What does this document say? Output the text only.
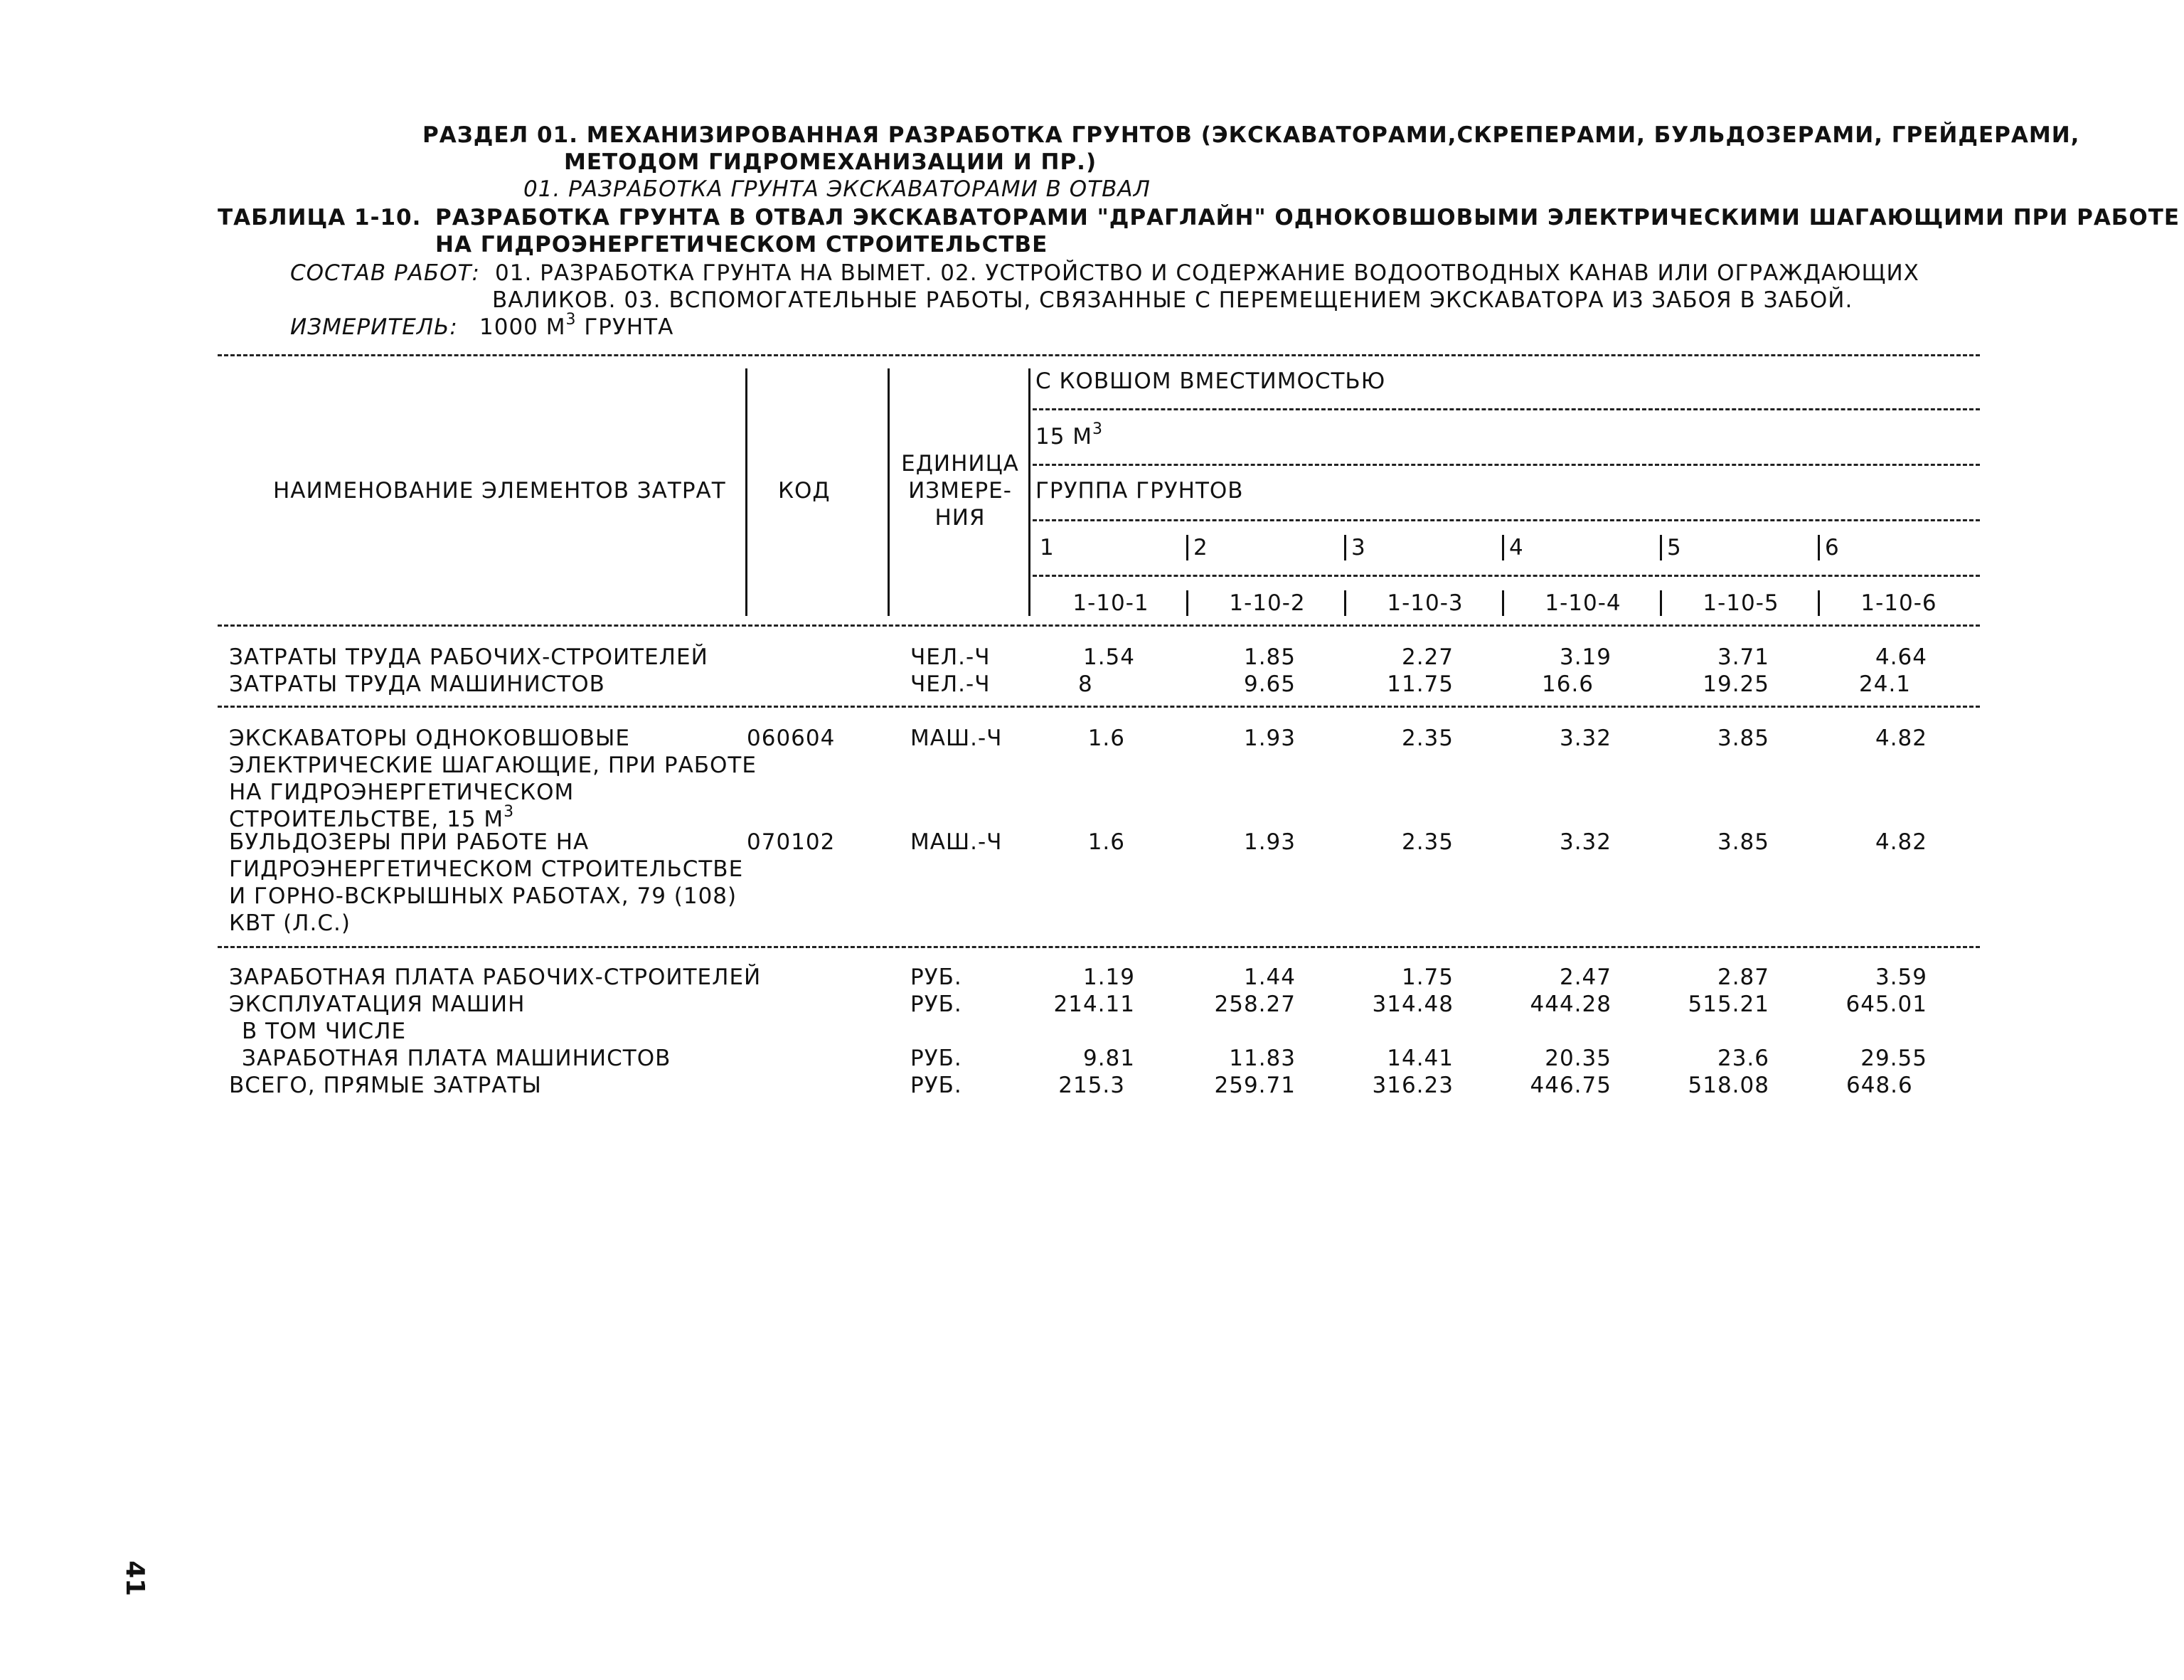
РАЗДЕЛ 01. МЕХАНИЗИРОВАННАЯ РАЗРАБОТКА ГРУНТОВ (ЭКСКАВАТОРАМИ,СКРЕПЕРАМИ, БУЛЬДОЗЕРАМИ, ГРЕЙДЕРАМИ,
МЕТОДОМ ГИДРОМЕХАНИЗАЦИИ И ПР.)
01. РАЗРАБОТКА ГРУНТА ЭКСКАВАТОРАМИ В ОТВАЛ
ТАБЛИЦА 1-10. РАЗРАБОТКА ГРУНТА В ОТВАЛ ЭКСКАВАТОРАМИ "ДРАГЛАЙН" ОДНОКОВШОВЫМИ ЭЛЕКТРИЧЕСКИМИ ШАГАЮЩИМИ ПРИ РАБОТЕ
НА ГИДРОЭНЕРГЕТИЧЕСКОМ СТРОИТЕЛЬСТВЕ
СОСТАВ РАБОТ: 01. РАЗРАБОТКА ГРУНТА НА ВЫМЕТ. 02. УСТРОЙСТВО И СОДЕРЖАНИЕ ВОДООТВОДНЫХ КАНАВ ИЛИ ОГРАЖДАЮЩИХ
ВАЛИКОВ. 03. ВСПОМОГАТЕЛЬНЫЕ РАБОТЫ, СВЯЗАННЫЕ С ПЕРЕМЕЩЕНИЕМ ЭКСКАВАТОРА ИЗ ЗАБОЯ В ЗАБОЙ.
ИЗМЕРИТЕЛЬ: 1000 $М^3$ ГРУНТА
НАИМЕНОВАНИЕ ЭЛЕМЕНТОВ ЗАТРАТ КОД
ЕДИНИЦА
ИЗМЕРЕ-
НИЯ
С КОВШОМ ВМЕСТИМОСТЬЮ
15 $М^3$
ГРУППА ГРУНТОВ
1	2	3	4	5	6
1-10-1	1-10-2	1-10-3	1-10-4	1-10-5	1-10-6
ЗАТРАТЫ ТРУДА РАБОЧИХ-СТРОИТЕЛЕЙ	ЧЕЛ.-Ч	1.54	1.85	2.27	3.19	3.71	4.64
ЗАТРАТЫ ТРУДА МАШИНИСТОВ	ЧЕЛ.-Ч	8	9.65	11.75	16.6	19.25	24.1
ЭКСКАВАТОРЫ ОДНОКОВШОВЫЕ
ЭЛЕКТРИЧЕСКИЕ ШАГАЮЩИЕ, ПРИ РАБОТЕ
НА ГИДРОЭНЕРГЕТИЧЕСКОМ
СТРОИТЕЛЬСТВЕ, 15 $М^3$
060604	МАШ.-Ч	1.6	1.93	2.35	3.32	3.85	4.82
БУЛЬДОЗЕРЫ ПРИ РАБОТЕ НА
ГИДРОЭНЕРГЕТИЧЕСКОМ СТРОИТЕЛЬСТВЕ
И ГОРНО-ВСКРЫШНЫХ РАБОТАХ, 79 (108)
КВТ (Л.С.)
070102	МАШ.-Ч	1.6	1.93	2.35	3.32	3.85	4.82
ЗАРАБОТНАЯ ПЛАТА РАБОЧИХ-СТРОИТЕЛЕЙ	РУБ.	1.19	1.44	1.75	2.47	2.87	3.59
ЭКСПЛУАТАЦИЯ МАШИН	РУБ.	214.11	258.27	314.48	444.28	515.21	645.01
В ТОМ ЧИСЛЕ
ЗАРАБОТНАЯ ПЛАТА МАШИНИСТОВ	РУБ.	9.81	11.83	14.41	20.35	23.6	29.55
ВСЕГО, ПРЯМЫЕ ЗАТРАТЫ	РУБ.	215.3	259.71	316.23	446.75	518.08	648.6
41
